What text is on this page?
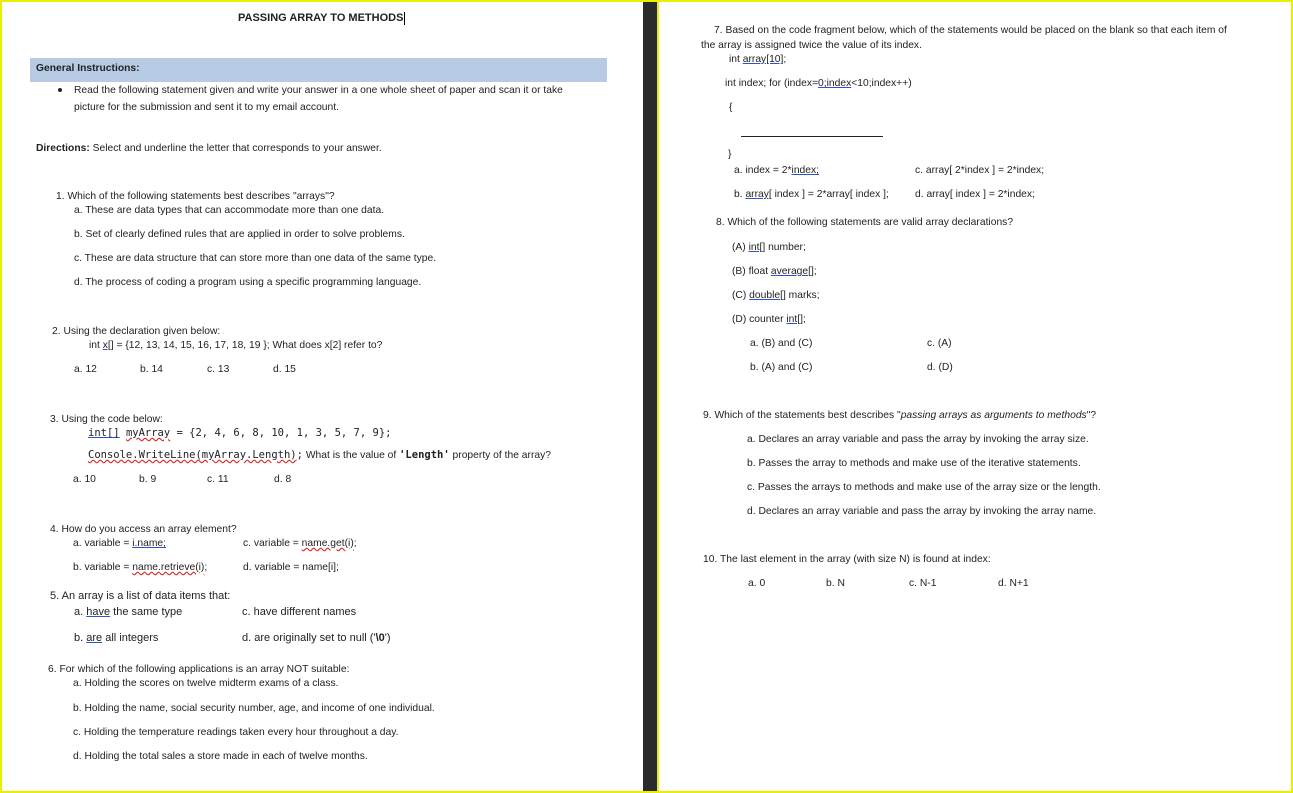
PASSING ARRAY TO METHODS
General Instructions:
Read the following statement given and write your answer in a one whole sheet of paper and scan it or take
picture for the submission and sent it to my email account.
Directions: Select and underline the letter that corresponds to your answer.
1. Which of the following statements best describes "arrays"?
a. These are data types that can accommodate more than one data.
b. Set of clearly defined rules that are applied in order to solve problems.
c. These are data structure that can store more than one data of the same type.
d. The process of coding a program using a specific programming language.
2. Using the declaration given below:
int x[] = {12, 13, 14, 15, 16, 17, 18, 19 }; What does x[2] refer to?
a. 12	b. 14	c. 13	d. 15
3. Using the code below:
int[] myArray = {2, 4, 6, 8, 10, 1, 3, 5, 7, 9};
Console.WriteLine(myArray.Length); What is the value of 'Length' property of the array?
a. 10	b. 9	c. 11	d. 8
4. How do you access an array element?
a. variable = i.name;	c. variable = name.get(i);
b. variable = name.retrieve(i);	d. variable = name[i];
5. An array is a list of data items that:
a. have the same type	c. have different names
b. are all integers	d. are originally set to null ('\0')
6. For which of the following applications is an array NOT suitable:
a. Holding the scores on twelve midterm exams of a class.
b. Holding the name, social security number, age, and income of one individual.
c. Holding the temperature readings taken every hour throughout a day.
d. Holding the total sales a store made in each of twelve months.
7. Based on the code fragment below, which of the statements would be placed on the blank so that each item of
the array is assigned twice the value of its index.
int array[10];
int index; for (index=0;index<10;index++)
{
}
a. index = 2*index;	c. array[ 2*index ] = 2*index;
b. array[ index ] = 2*array[ index ];	d. array[ index ] = 2*index;
8. Which of the following statements are valid array declarations?
(A) int[] number;
(B) float average[];
(C) double[] marks;
(D) counter int[];
a. (B) and (C)	c. (A)
b. (A) and (C)	d. (D)
9. Which of the statements best describes "passing arrays as arguments to methods"?
a. Declares an array variable and pass the array by invoking the array size.
b. Passes the array to methods and make use of the iterative statements.
c. Passes the arrays to methods and make use of the array size or the length.
d. Declares an array variable and pass the array by invoking the array name.
10. The last element in the array (with size N) is found at index:
a. 0	b. N	c. N-1	d. N+1
